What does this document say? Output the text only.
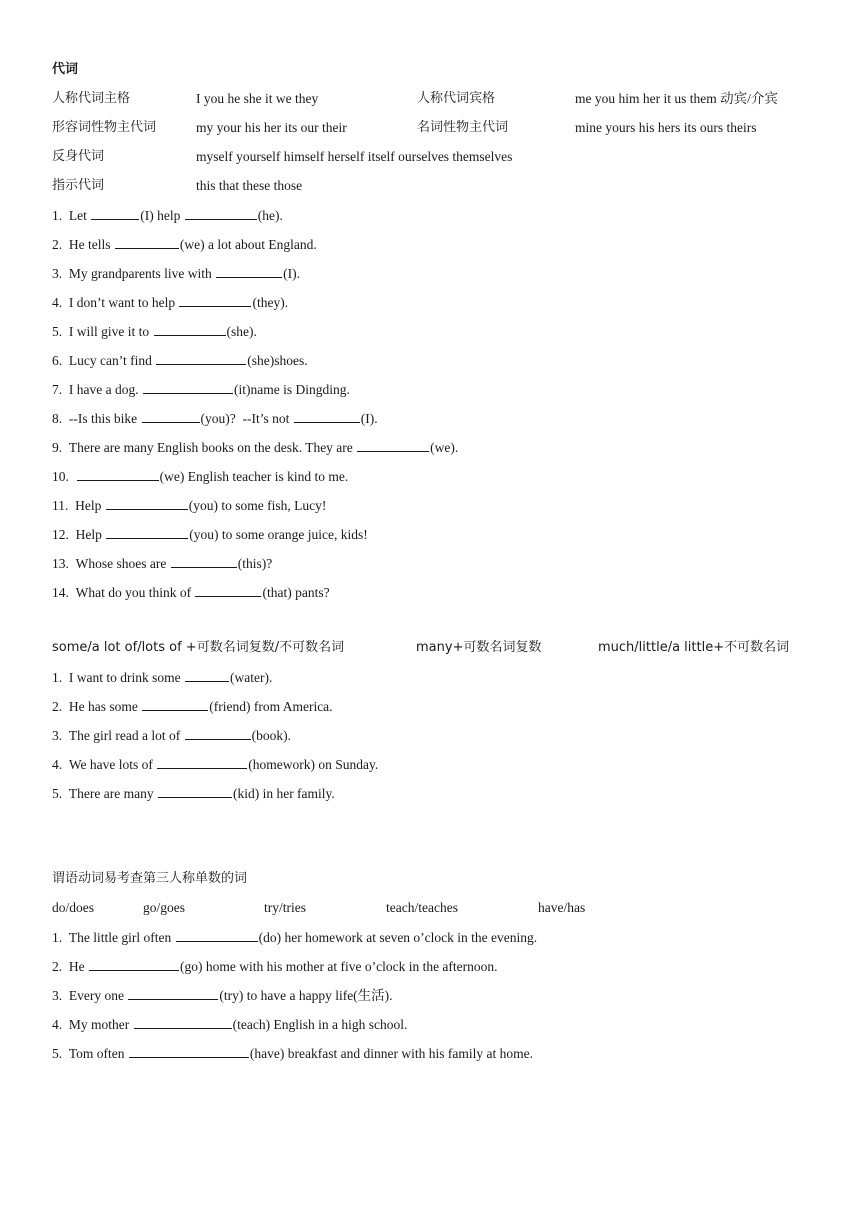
代词
人称代词主格	I you he she it we they	人称代词宾格	me you him her it us them 动宾/介宾
形容词性物主代词	my your his her its our their	名词性物主代词	mine yours his hers its ours theirs
反身代词	myself yourself himself herself itself ourselves themselves
指示代词	this that these those
1.  Let	(I) help	(he).
2.  He tells	(we) a lot about England.
3.  My grandparents live with	(I).
4.  I don’t want to help	(they).
5.  I will give it to	(she).
6.  Lucy can’t find	(she)shoes.
7.  I have a dog.	(it)name is Dingding.
8.  --Is this bike	(you)?  --It’s not	(I).
9.  There are many English books on the desk. They are	(we).
10.	(we) English teacher is kind to me.
11.  Help	(you) to some fish, Lucy!
12.  Help	(you) to some orange juice, kids!
13.  Whose shoes are	(this)?
14.  What do you think of	(that) pants?
some/a lot of/lots of +可数名词复数/不可数名词	many+可数名词复数	much/little/a little+不可数名词
1.  I want to drink some	(water).
2.  He has some	(friend) from America.
3.  The girl read a lot of	(book).
4.  We have lots of	(homework) on Sunday.
5.  There are many	(kid) in her family.
谓语动词易考查第三人称单数的词
do/does	go/goes	try/tries	teach/teaches	have/has
1.  The little girl often	(do) her homework at seven o’clock in the evening.
2.  He	(go) home with his mother at five o’clock in the afternoon.
3.  Every one	(try) to have a happy life(生活).
4.  My mother	(teach) English in a high school.
5.  Tom often	(have) breakfast and dinner with his family at home.
